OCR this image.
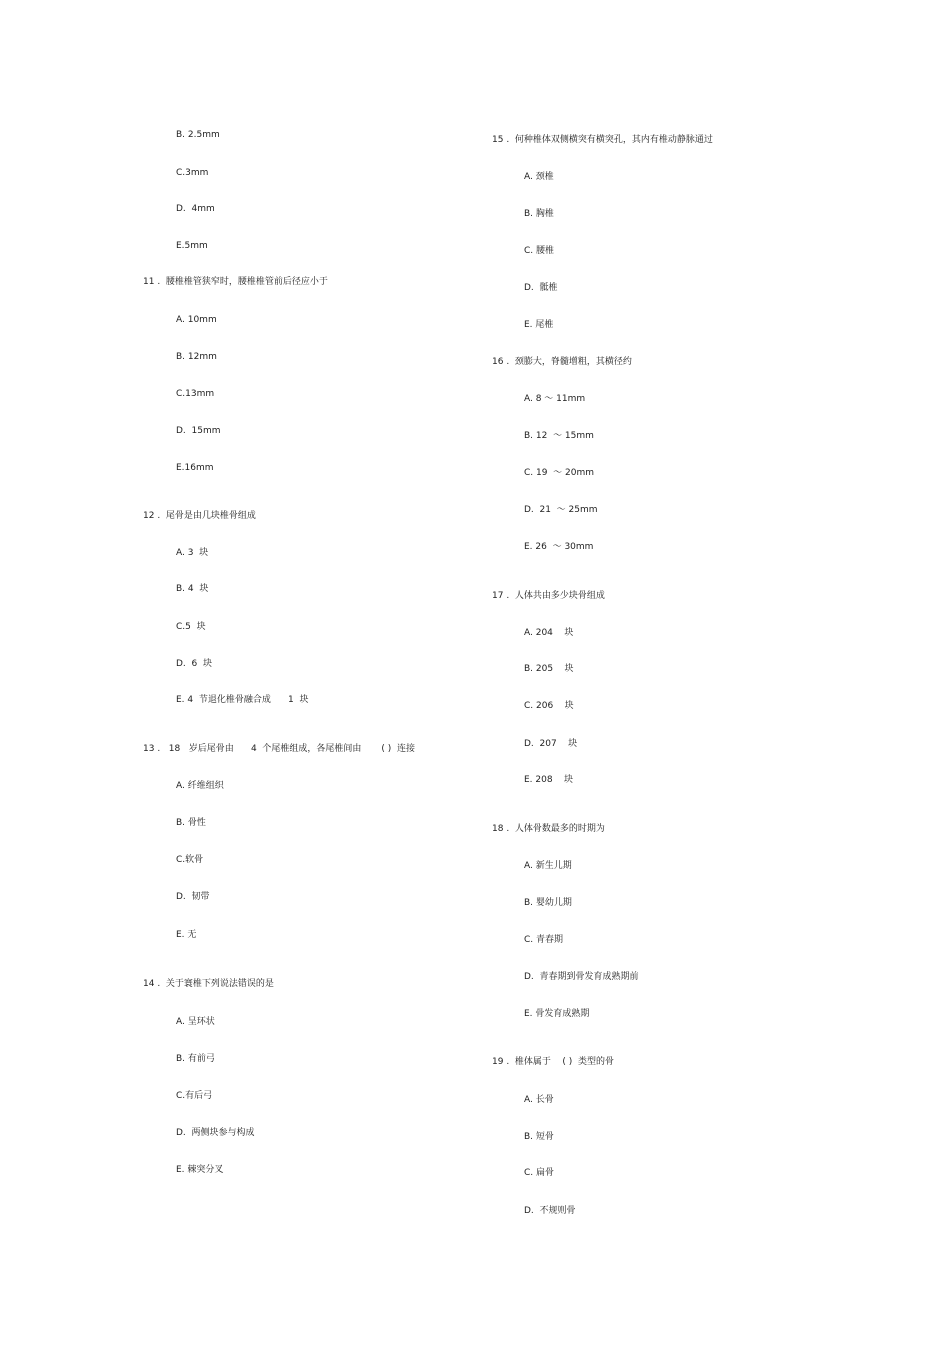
B. 2.5mm
C.3mm
D.  4mm
E.5mm
11 .  腰椎椎管狭窄时，腰椎椎管前后径应小于
A. 10mm
B. 12mm
C.13mm
D.  15mm
E.16mm
12 .  尾骨是由几块椎骨组成
A. 3  块
B. 4  块
C.5  块
D.  6  块
E. 4  节退化椎骨融合成      1  块
13 .   18   岁后尾骨由      4  个尾椎组成，各尾椎间由       ( )  连接
A. 纤维组织
B. 骨性
C.软骨
D.  韧带
E. 无
14 .  关于寰椎下列说法错误的是
A. 呈环状
B. 有前弓
C.有后弓
D.  两侧块参与构成
E. 棘突分叉
15 .  何种椎体双侧横突有横突孔，其内有椎动静脉通过
A. 颈椎
B. 胸椎
C. 腰椎
D.  骶椎
E. 尾椎
16 .  颈膨大，脊髓增粗，其横径约
A. 8 ～ 11mm
B. 12  ～ 15mm
C. 19  ～ 20mm
D.  21  ～ 25mm
E. 26  ～ 30mm
17 .  人体共由多少块骨组成
A. 204    块
B. 205    块
C. 206    块
D.  207    块
E. 208    块
18 .  人体骨数最多的时期为
A. 新生儿期
B. 婴幼儿期
C. 青春期
D.  青春期到骨发育成熟期前
E. 骨发育成熟期
19 .  椎体属于    ( )  类型的骨
A. 长骨
B. 短骨
C. 扁骨
D.  不规则骨
